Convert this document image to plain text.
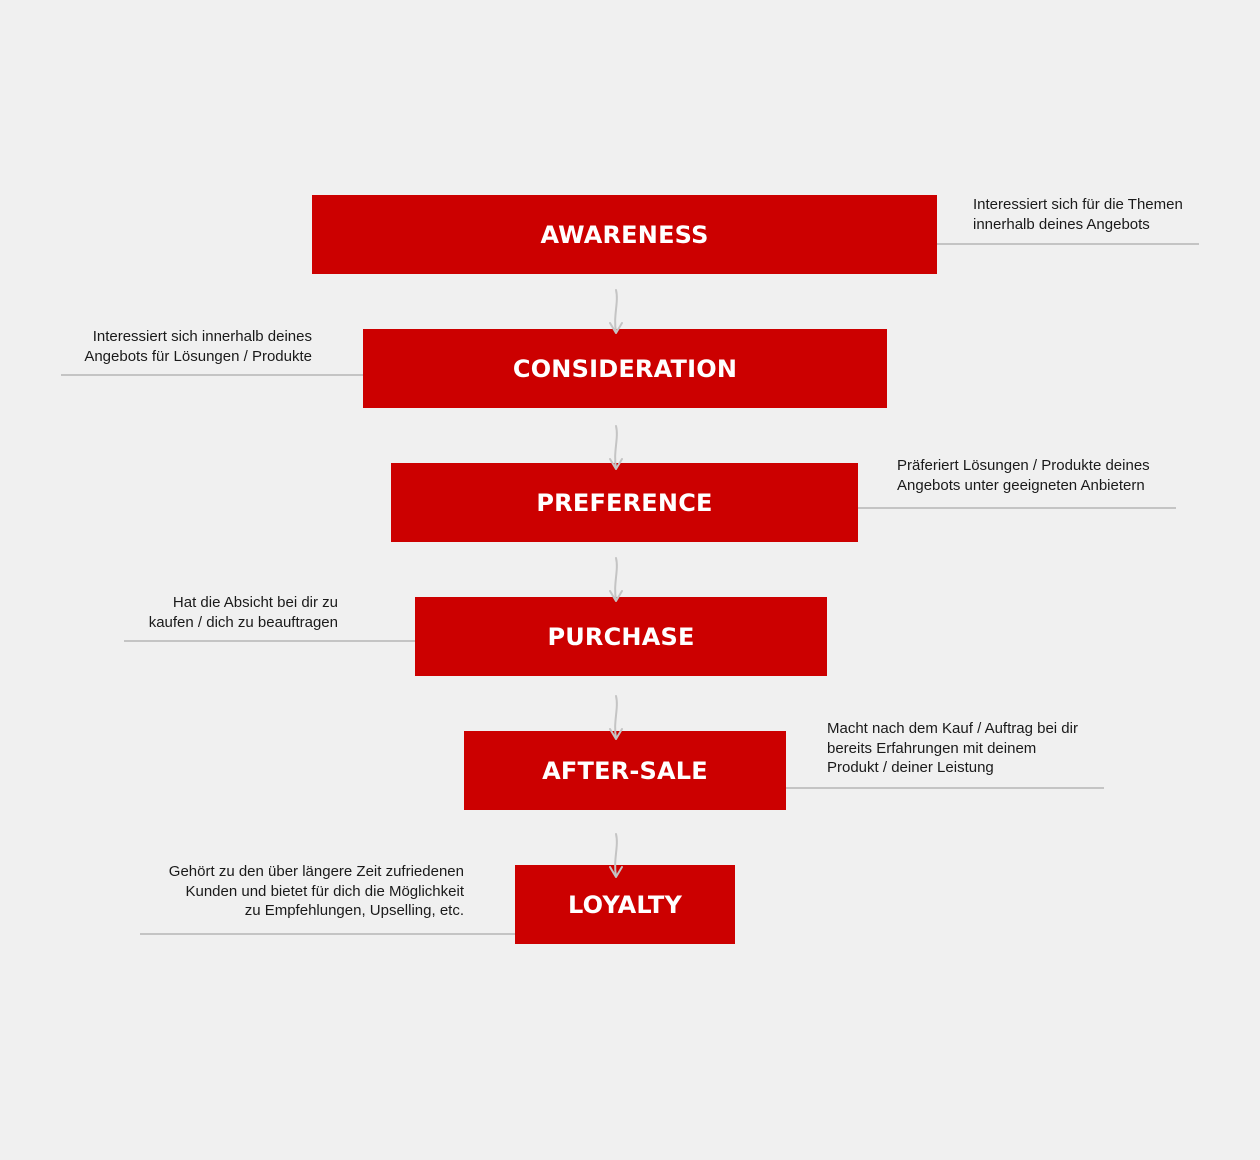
AWARENESS
Interessiert sich für die Themen
innerhalb deines Angebots
CONSIDERATION
Interessiert sich innerhalb deines
Angebots für Lösungen / Produkte
PREFERENCE
Präferiert Lösungen / Produkte deines
Angebots unter geeigneten Anbietern
PURCHASE
Hat die Absicht bei dir zu
kaufen / dich zu beauftragen
AFTER-SALE
Macht nach dem Kauf / Auftrag bei dir
bereits Erfahrungen mit deinem
Produkt / deiner Leistung
LOYALTY
Gehört zu den über längere Zeit zufriedenen
Kunden und bietet für dich die Möglichkeit
zu Empfehlungen, Upselling, etc.
